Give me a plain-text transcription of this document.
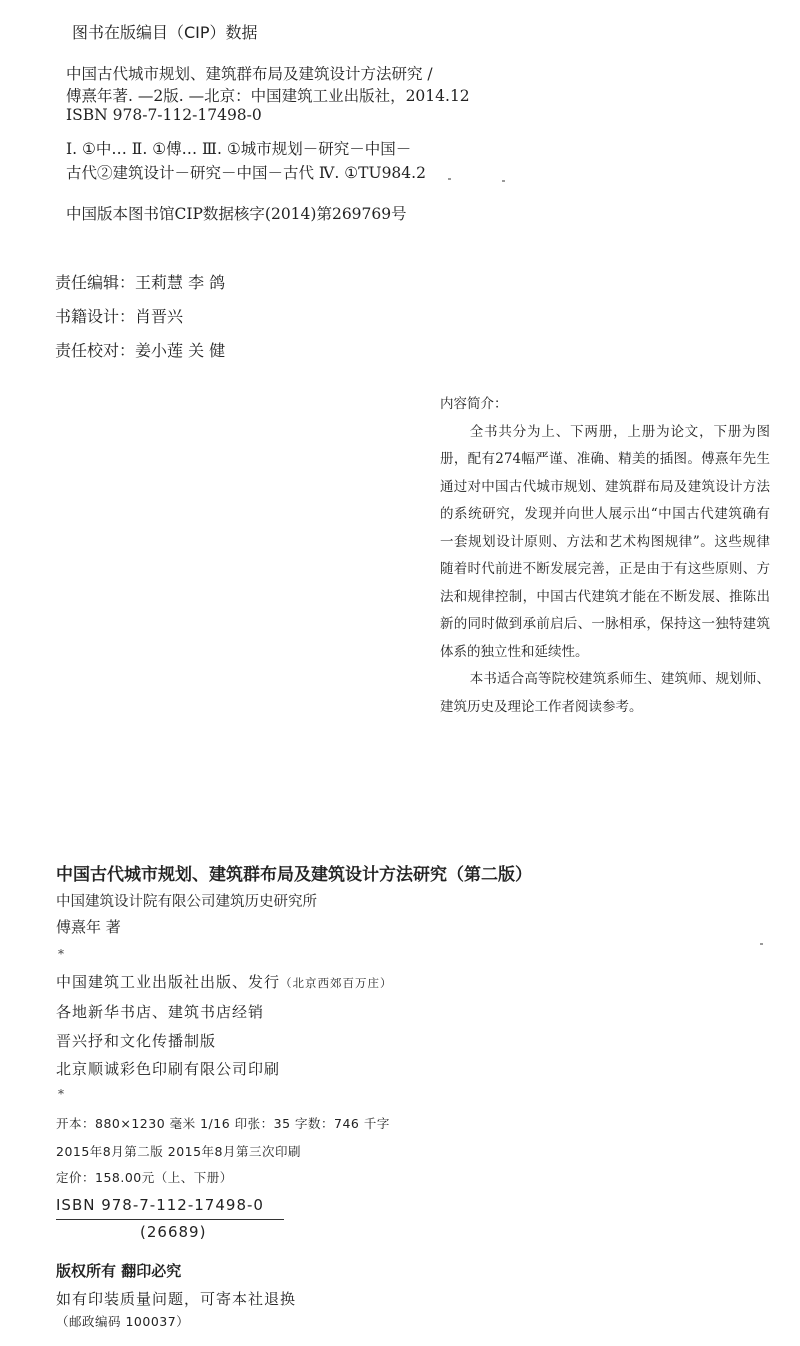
图书在版编目（CIP）数据
中国古代城市规划、建筑群布局及建筑设计方法研究 /
傅熹年著. —2版. —北京：中国建筑工业出版社，2014.12
ISBN 978-7-112-17498-0
Ⅰ. ①中… Ⅱ. ①傅… Ⅲ. ①城市规划－研究－中国－
古代②建筑设计－研究－中国－古代 Ⅳ. ①TU984.2
中国版本图书馆CIP数据核字(2014)第269769号
责任编辑：王莉慧 李 鸽
书籍设计：肖晋兴
责任校对：姜小莲 关 健

内容简介：

全书共分为上、下两册，上册为论文，下册为图册，配有274幅严谨、准确、精美的插图。傅熹年先生通过对中国古代城市规划、建筑群布局及建筑设计方法的系统研究，发现并向世人展示出“中国古代建筑确有一套规划设计原则、方法和艺术构图规律”。这些规律随着时代前进不断发展完善，正是由于有这些原则、方法和规律控制，中国古代建筑才能在不断发展、推陈出新的同时做到承前启后、一脉相承，保持这一独特建筑体系的独立性和延续性。

本书适合高等院校建筑系师生、建筑师、规划师、建筑历史及理论工作者阅读参考。

中国古代城市规划、建筑群布局及建筑设计方法研究（第二版）
中国建筑设计院有限公司建筑历史研究所
傅熹年 著
*
中国建筑工业出版社出版、发行（北京西郊百万庄）
各地新华书店、建筑书店经销
晋兴抒和文化传播制版
北京顺诚彩色印刷有限公司印刷
*
开本：880×1230 毫米 1/16 印张：35 字数：746 千字
2015年8月第二版 2015年8月第三次印刷
定价：158.00元（上、下册）
ISBN 978-7-112-17498-0
(26689)
版权所有 翻印必究
如有印装质量问题，可寄本社退换
（邮政编码 100037）
